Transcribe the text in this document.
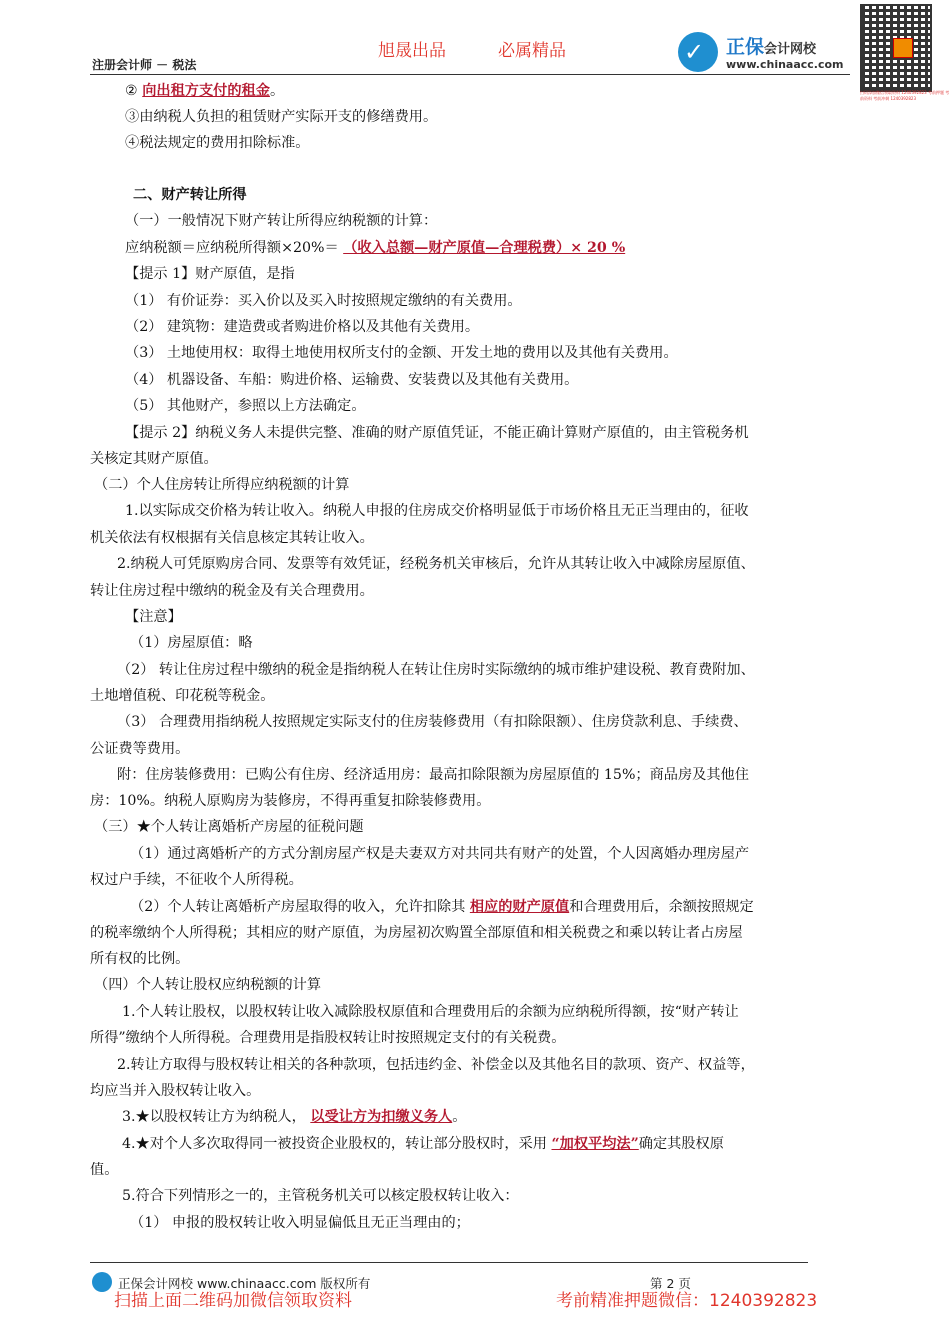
旭晟出品	必属精品
注册会计师 － 税法	✓ 正保会计网校
www.chinaacc.com
扫码添加微信领取资料 1240392823 考前押题 考前资料 考前冲刺 1240392823
② 向出租方支付的租金。
③由纳税人负担的租赁财产实际开支的修缮费用。
④税法规定的费用扣除标准。
二、财产转让所得
（一）一般情况下财产转让所得应纳税额的计算：
应纳税额＝应纳税所得额×20%＝ （收入总额—财产原值—合理税费）× 20 %
【提示 1】财产原值，是指
（1） 有价证券：买入价以及买入时按照规定缴纳的有关费用。
（2） 建筑物：建造费或者购进价格以及其他有关费用。
（3） 土地使用权：取得土地使用权所支付的金额、开发土地的费用以及其他有关费用。
（4） 机器设备、车船：购进价格、运输费、安装费以及其他有关费用。
（5） 其他财产，参照以上方法确定。
【提示 2】纳税义务人未提供完整、准确的财产原值凭证，不能正确计算财产原值的，由主管税务机
关核定其财产原值。
（二）个人住房转让所得应纳税额的计算
1.以实际成交价格为转让收入。纳税人申报的住房成交价格明显低于市场价格且无正当理由的，征收
机关依法有权根据有关信息核定其转让收入。
2.纳税人可凭原购房合同、发票等有效凭证，经税务机关审核后，允许从其转让收入中减除房屋原值、
转让住房过程中缴纳的税金及有关合理费用。
【注意】
（1）房屋原值：略
（2） 转让住房过程中缴纳的税金是指纳税人在转让住房时实际缴纳的城市维护建设税、教育费附加、
土地增值税、印花税等税金。
（3） 合理费用指纳税人按照规定实际支付的住房装修费用（有扣除限额）、住房贷款利息、手续费、
公证费等费用。
附：住房装修费用：已购公有住房、经济适用房：最高扣除限额为房屋原值的 15%；商品房及其他住
房：10%。纳税人原购房为装修房，不得再重复扣除装修费用。
（三）★个人转让离婚析产房屋的征税问题
（1）通过离婚析产的方式分割房屋产权是夫妻双方对共同共有财产的处置，个人因离婚办理房屋产
权过户手续，不征收个人所得税。
（2）个人转让离婚析产房屋取得的收入，允许扣除其 相应的财产原值和合理费用后，余额按照规定
的税率缴纳个人所得税；其相应的财产原值，为房屋初次购置全部原值和相关税费之和乘以转让者占房屋
所有权的比例。
（四）个人转让股权应纳税额的计算
1.个人转让股权，以股权转让收入减除股权原值和合理费用后的余额为应纳税所得额，按“财产转让
所得”缴纳个人所得税。合理费用是指股权转让时按照规定支付的有关税费。
2.转让方取得与股权转让相关的各种款项，包括违约金、补偿金以及其他名目的款项、资产、权益等，
均应当并入股权转让收入。
3.★以股权转让方为纳税人， 以受让方为扣缴义务人。
4.★对个人多次取得同一被投资企业股权的，转让部分股权时，采用 “加权平均法”确定其股权原
值。
5.符合下列情形之一的，主管税务机关可以核定股权转让收入：
（1） 申报的股权转让收入明显偏低且无正当理由的；
正保会计网校 www.chinaacc.com 版权所有	第 2 页
扫描上面二维码加微信领取资料	考前精准押题微信：1240392823
